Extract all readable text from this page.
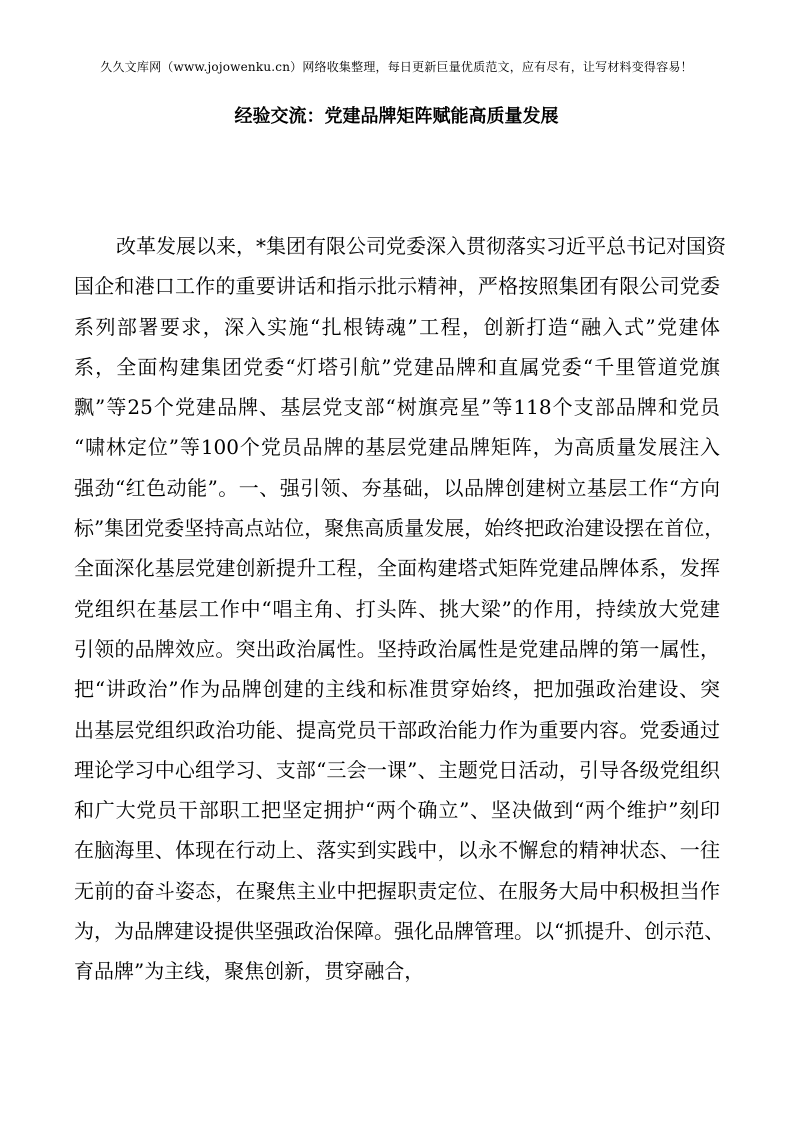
久久文库网（www.jojowenku.cn）网络收集整理，每日更新巨量优质范文，应有尽有，让写材料变得容易！
经验交流：党建品牌矩阵赋能高质量发展
改革发展以来，*集团有限公司党委深入贯彻落实习近平总书记对国资
国企和港口工作的重要讲话和指示批示精神，严格按照集团有限公司党委
系列部署要求，深入实施“扎根铸魂”工程，创新打造“融入式”党建体
系，全面构建集团党委“灯塔引航”党建品牌和直属党委“千里管道党旗
飘”等25个党建品牌、基层党支部“树旗亮星”等118个支部品牌和党员
“啸林定位”等100个党员品牌的基层党建品牌矩阵，为高质量发展注入
强劲“红色动能”。一、强引领、夯基础，以品牌创建树立基层工作“方向
标”集团党委坚持高点站位，聚焦高质量发展，始终把政治建设摆在首位，
全面深化基层党建创新提升工程，全面构建塔式矩阵党建品牌体系，发挥
党组织在基层工作中“唱主角、打头阵、挑大梁”的作用，持续放大党建
引领的品牌效应。突出政治属性。坚持政治属性是党建品牌的第一属性，
把“讲政治”作为品牌创建的主线和标准贯穿始终，把加强政治建设、突
出基层党组织政治功能、提高党员干部政治能力作为重要内容。党委通过
理论学习中心组学习、支部“三会一课”、主题党日活动，引导各级党组织
和广大党员干部职工把坚定拥护“两个确立”、坚决做到“两个维护”刻印
在脑海里、体现在行动上、落实到实践中，以永不懈怠的精神状态、一往
无前的奋斗姿态，在聚焦主业中把握职责定位、在服务大局中积极担当作
为，为品牌建设提供坚强政治保障。强化品牌管理。以“抓提升、创示范、
育品牌”为主线，聚焦创新，贯穿融合，
